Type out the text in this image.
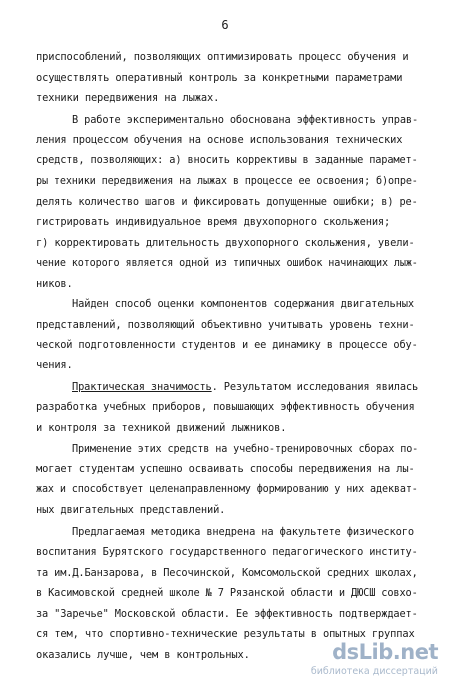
6
приспособлений, позволяющих оптимизировать процесс обучения и
осуществлять оперативный контроль за конкретными параметрами
техники передвижения на лыжах.
В работе экспериментально обоснована эффективность управ-
ления процессом обучения на основе использования технических
средств, позволяющих: а) вносить коррективы в заданные парамет-
ры техники передвижения на лыжах в процессе ее освоения; б)опре-
делять количество шагов и фиксировать допущенные ошибки; в) ре-
гистрировать индивидуальное время двухопорного скольжения;
г) корректировать длительность двухопорного скольжения, увели-
чение которого является одной из типичных ошибок начинающих лыж-
ников.
Найден способ оценки компонентов содержания двигательных
представлений, позволяющий объективно учитывать уровень техни-
ческой подготовленности студентов и ее динамику в процессе обу-
чения.
Практическая значимость. Результатом исследования явилась
разработка учебных приборов, повышающих эффективность обучения
и контроля за техникой движений лыжников.
Применение этих средств на учебно-тренировочных сборах по-
могает студентам успешно осваивать способы передвижения на лы-
жах и способствует целенаправленному формированию у них адекват-
ных двигательных представлений.
Предлагаемая методика внедрена на факультете физического
воспитания Бурятского государственного педагогического институ-
та им.Д.Банзарова, в Песочинской, Комсомольской средних школах,
в Касимовской средней школе № 7 Рязанской области и ДЮСШ совхо-
за "Заречье" Московской области. Ее эффективность подтверждает-
ся тем, что спортивно-технические результаты в опытных группах
оказались лучше, чем в контрольных.	dsLib.net
библиотека диссертаций
